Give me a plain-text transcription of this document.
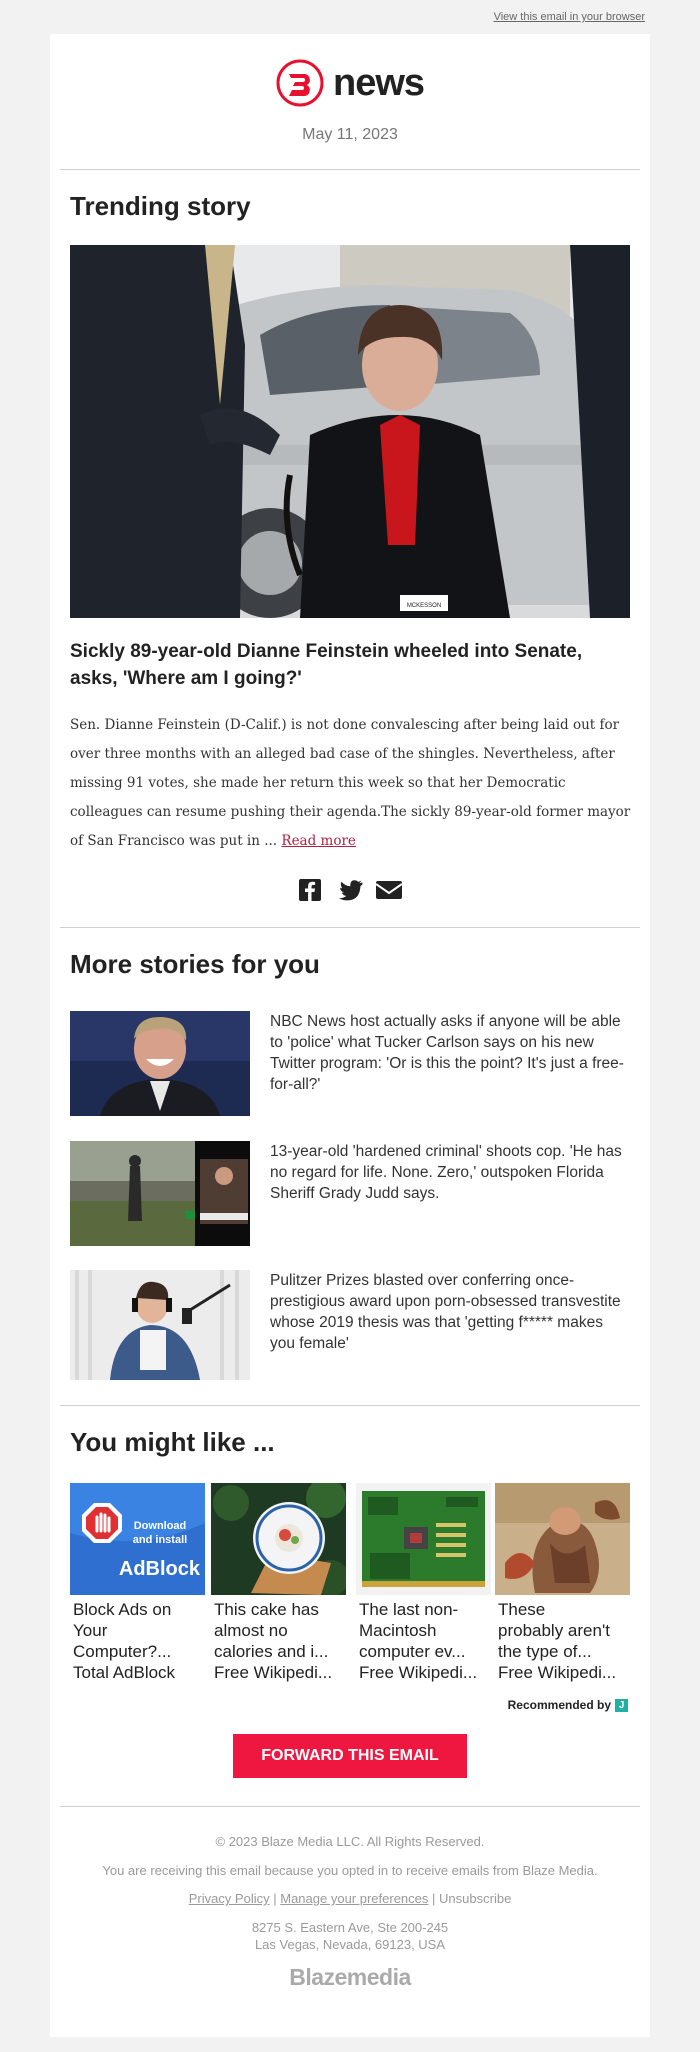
View this email in your browser
news
May 11, 2023
Trending story
MCKESSON
Sickly 89-year-old Dianne Feinstein wheeled into Senate, asks, 'Where am I going?'
Sen. Dianne Feinstein (D-Calif.) is not done convalescing after being laid out for over three months with an alleged bad case of the shingles. Nevertheless, after missing 91 votes, she made her return this week so that her Democratic colleagues can resume pushing their agenda.The sickly 89-year-old former mayor of San Francisco was put in ... Read more
More stories for you
NBC News host actually asks if anyone will be able to 'police' what Tucker Carlson says on his new Twitter program: 'Or is this the point? It's just a free-for-all?'
13-year-old 'hardened criminal' shoots cop. 'He has no regard for life. None. Zero,' outspoken Florida Sheriff Grady Judd says.
Pulitzer Prizes blasted over conferring once-prestigious award upon porn-obsessed transvestite whose 2019 thesis was that 'getting f***** makes you female'
You might like ...
Download
and install
AdBlock
Block Ads on
Your
Computer?...
Total AdBlock
This cake has
almost no
calories and i...
Free Wikipedi...
The last non-
Macintosh
computer ev...
Free Wikipedi...
These
probably aren't
the type of...
Free Wikipedi...
Recommended by J
FORWARD THIS EMAIL
© 2023 Blaze Media LLC. All Rights Reserved.
You are receiving this email because you opted in to receive emails from Blaze Media.
Privacy Policy | Manage your preferences | Unsubscribe
8275 S. Eastern Ave, Ste 200-245
Las Vegas, Nevada, 69123, USA
Blazemedia
